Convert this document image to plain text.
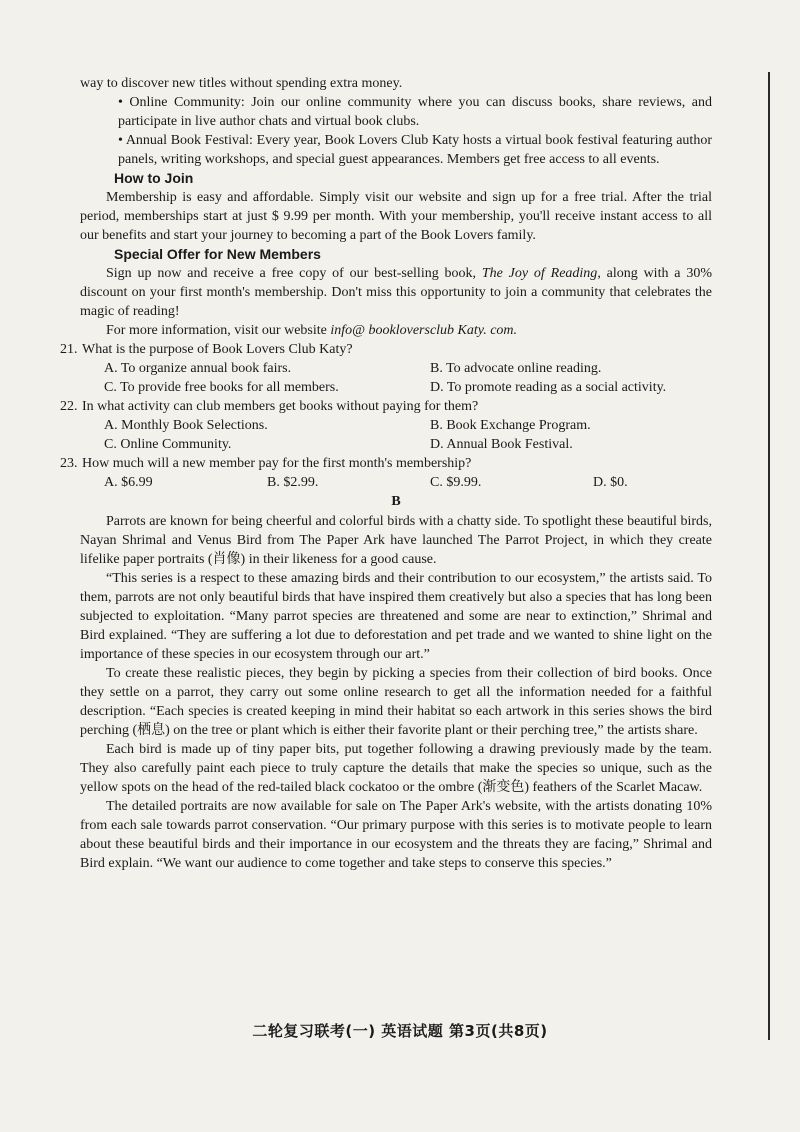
way to discover new titles without spending extra money.

• Online Community: Join our online community where you can discuss books, share reviews, and participate in live author chats and virtual book clubs.

• Annual Book Festival: Every year, Book Lovers Club Katy hosts a virtual book festival featuring author panels, writing workshops, and special guest appearances. Members get free access to all events.

How to Join

Membership is easy and affordable. Simply visit our website and sign up for a free trial. After the trial period, memberships start at just $ 9.99 per month. With your membership, you'll receive instant access to all our benefits and start your journey to becoming a part of the Book Lovers family.

Special Offer for New Members

Sign up now and receive a free copy of our best-selling book, The Joy of Reading, along with a 30% discount on your first month's membership. Don't miss this opportunity to join a community that celebrates the magic of reading!

For more information, visit our website info@ bookloversclub Katy. com.

21. What is the purpose of Book Lovers Club Katy?
A. To organize annual book fairs.	B. To advocate online reading.
C. To provide free books for all members.	D. To promote reading as a social activity.
22. In what activity can club members get books without paying for them?
A. Monthly Book Selections.	B. Book Exchange Program.
C. Online Community.	D. Annual Book Festival.
23. How much will a new member pay for the first month's membership?
A. $6.99	B. $2.99.	C. $9.99.	D. $0.
B

Parrots are known for being cheerful and colorful birds with a chatty side. To spotlight these beautiful birds, Nayan Shrimal and Venus Bird from The Paper Ark have launched The Parrot Project, in which they create lifelike paper portraits (肖像) in their likeness for a good cause.

“This series is a respect to these amazing birds and their contribution to our ecosystem,” the artists said. To them, parrots are not only beautiful birds that have inspired them creatively but also a species that has long been subjected to exploitation. “Many parrot species are threatened and some are near to extinction,” Shrimal and Bird explained. “They are suffering a lot due to deforestation and pet trade and we wanted to shine light on the importance of these species in our ecosystem through our art.”

To create these realistic pieces, they begin by picking a species from their collection of bird books. Once they settle on a parrot, they carry out some online research to get all the information needed for a faithful description. “Each species is created keeping in mind their habitat so each artwork in this series shows the bird perching (栖息) on the tree or plant which is either their favorite plant or their perching tree,” the artists share.

Each bird is made up of tiny paper bits, put together following a drawing previously made by the team. They also carefully paint each piece to truly capture the details that make the species so unique, such as the yellow spots on the head of the red-tailed black cockatoo or the ombre (渐变色) feathers of the Scarlet Macaw.

The detailed portraits are now available for sale on The Paper Ark's website, with the artists donating 10% from each sale towards parrot conservation. “Our primary purpose with this series is to motivate people to learn about these beautiful birds and their importance in our ecosystem and the threats they are facing,” Shrimal and Bird explain. “We want our audience to come together and take steps to conserve this species.”

二轮复习联考(一) 英语试题 第3页(共8页)
